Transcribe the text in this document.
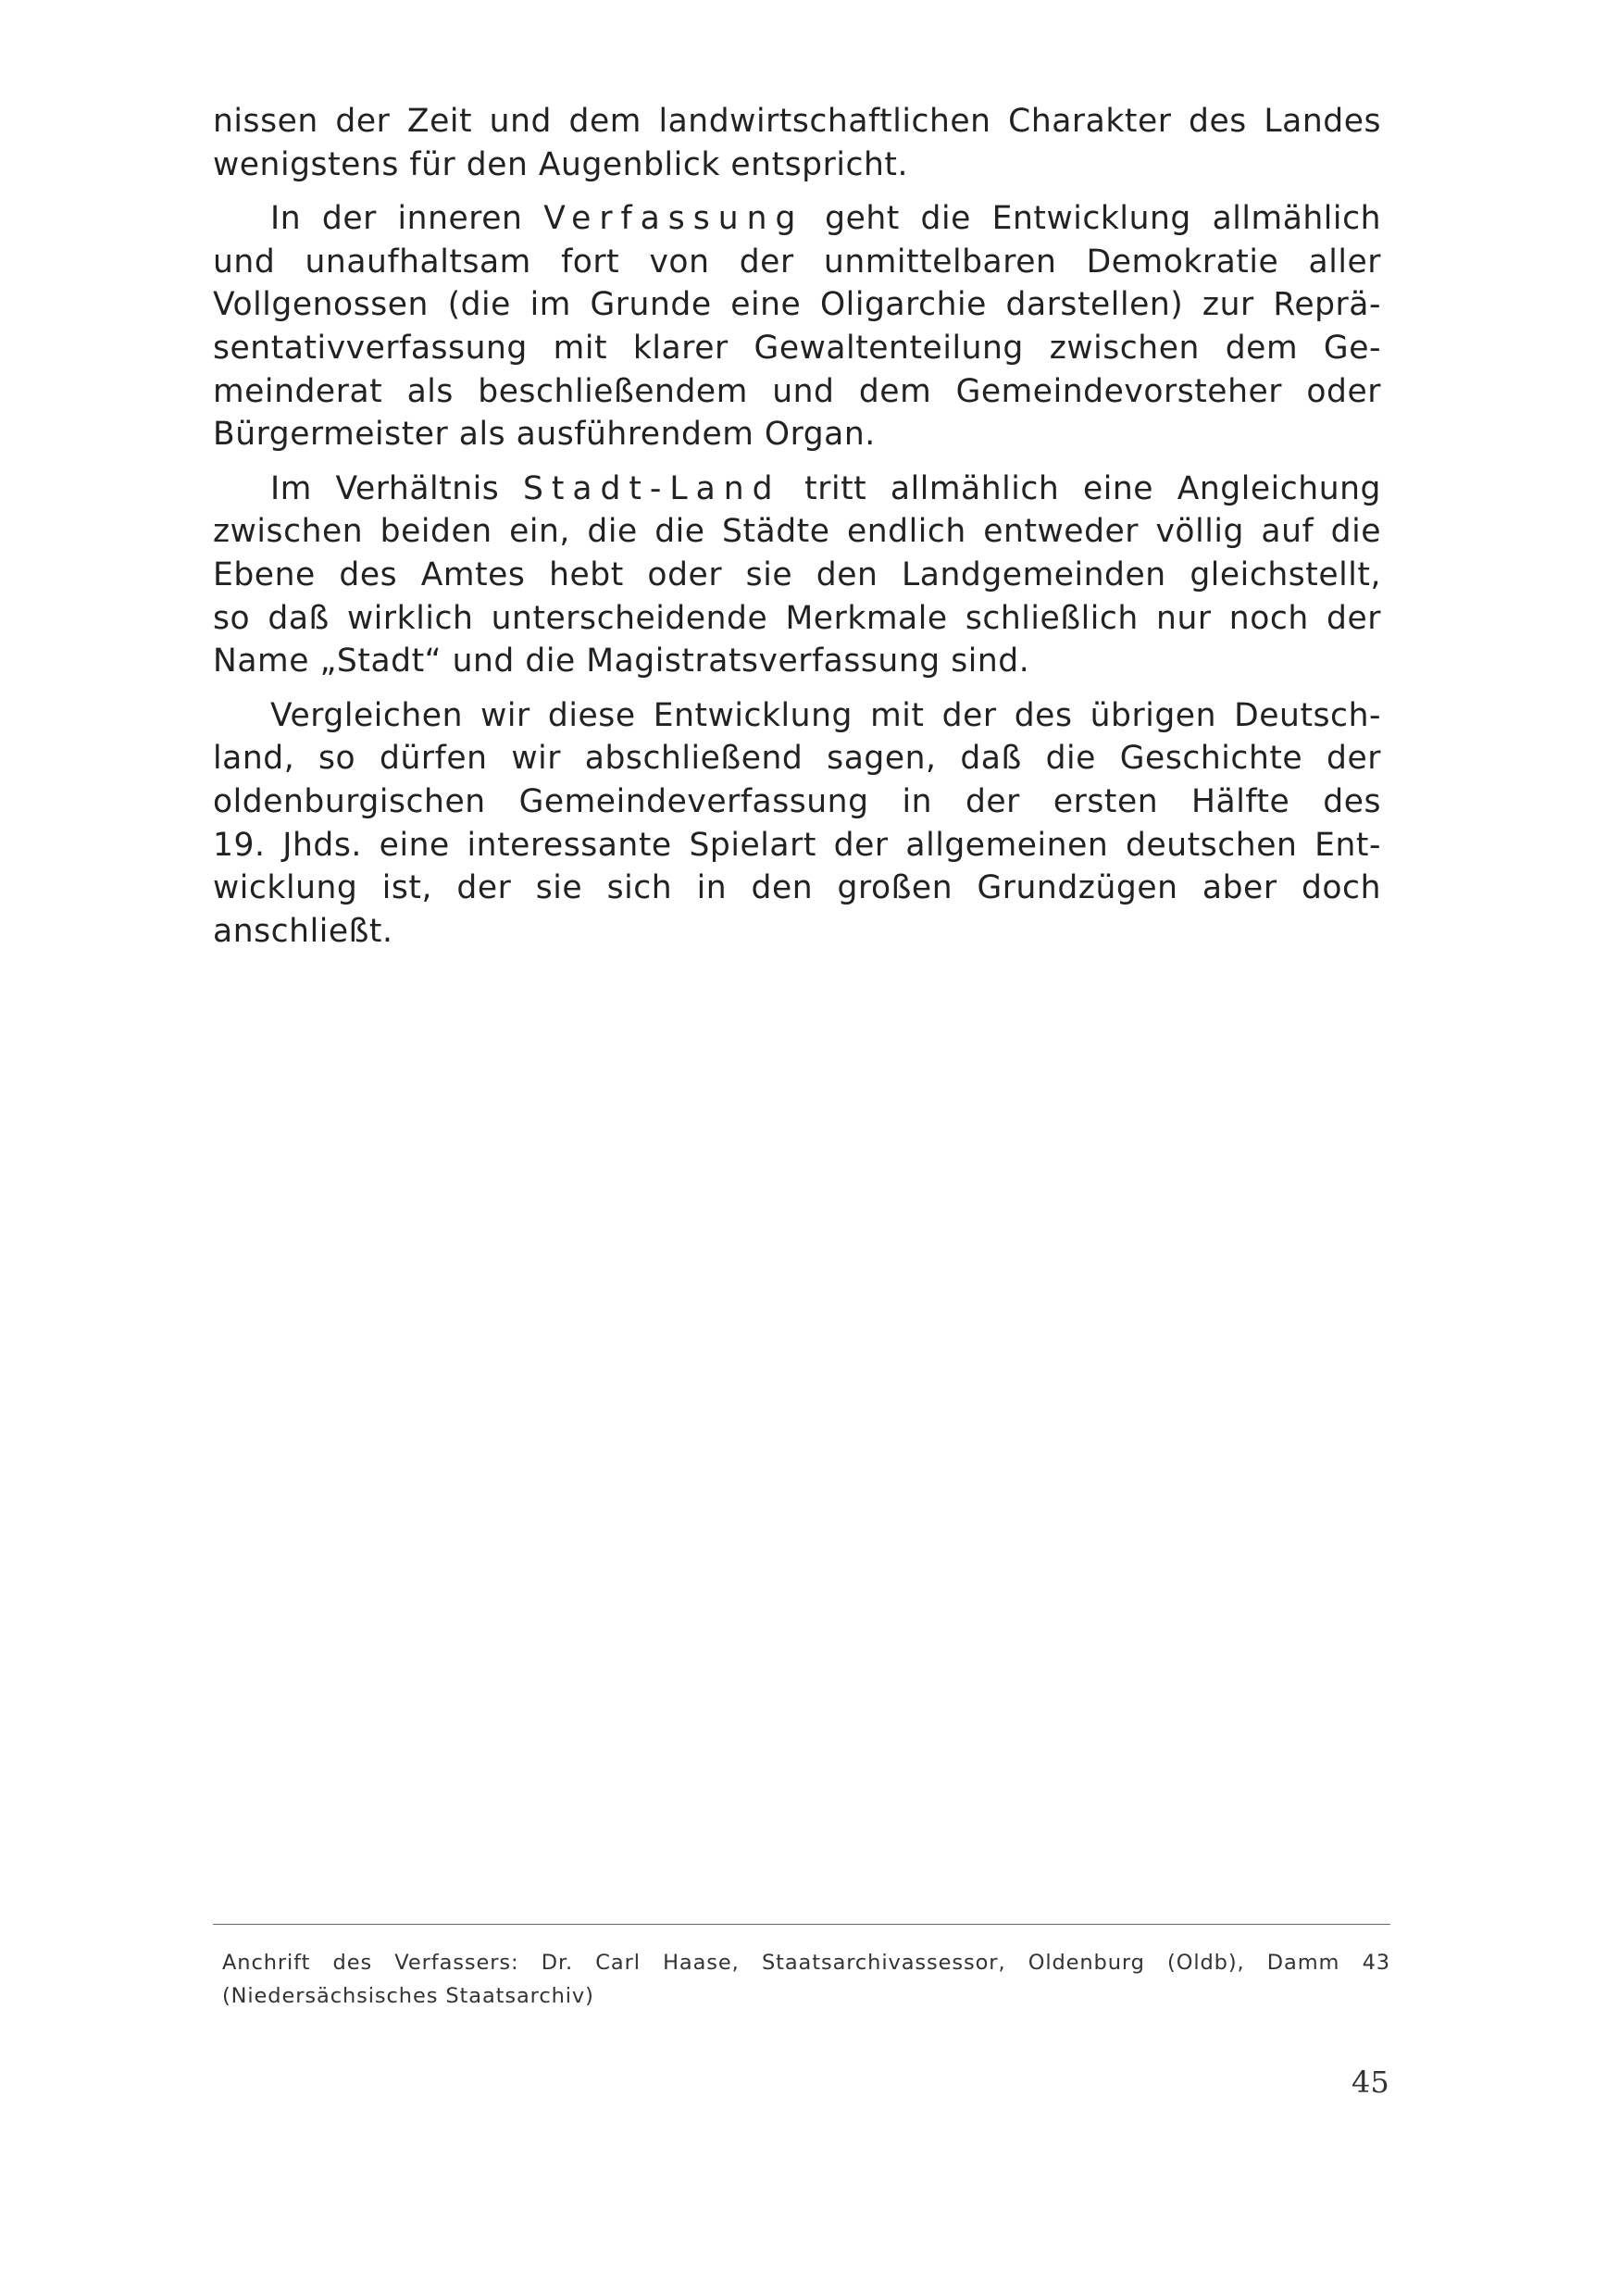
nissen der Zeit und dem landwirtschaftlichen Charakter des Landes
wenigstens für den Augenblick entspricht.
In der inneren Verfassung geht die Entwicklung allmählich
und unaufhaltsam fort von der unmittelbaren Demokratie aller
Vollgenossen (die im Grunde eine Oligarchie darstellen) zur Reprä-
sentativverfassung mit klarer Gewaltenteilung zwischen dem Ge-
meinderat als beschließendem und dem Gemeindevorsteher oder
Bürgermeister als ausführendem Organ.
Im Verhältnis Stadt-Land tritt allmählich eine Angleichung
zwischen beiden ein, die die Städte endlich entweder völlig auf die
Ebene des Amtes hebt oder sie den Landgemeinden gleichstellt,
so daß wirklich unterscheidende Merkmale schließlich nur noch der
Name „Stadt“ und die Magistratsverfassung sind.
Vergleichen wir diese Entwicklung mit der des übrigen Deutsch-
land, so dürfen wir abschließend sagen, daß die Geschichte der
oldenburgischen Gemeindeverfassung in der ersten Hälfte des
19. Jhds. eine interessante Spielart der allgemeinen deutschen Ent-
wicklung ist, der sie sich in den großen Grundzügen aber doch
anschließt.
Anchrift des Verfassers: Dr. Carl Haase, Staatsarchivassessor, Oldenburg (Oldb), Damm 43
(Niedersächsisches Staatsarchiv)
45
